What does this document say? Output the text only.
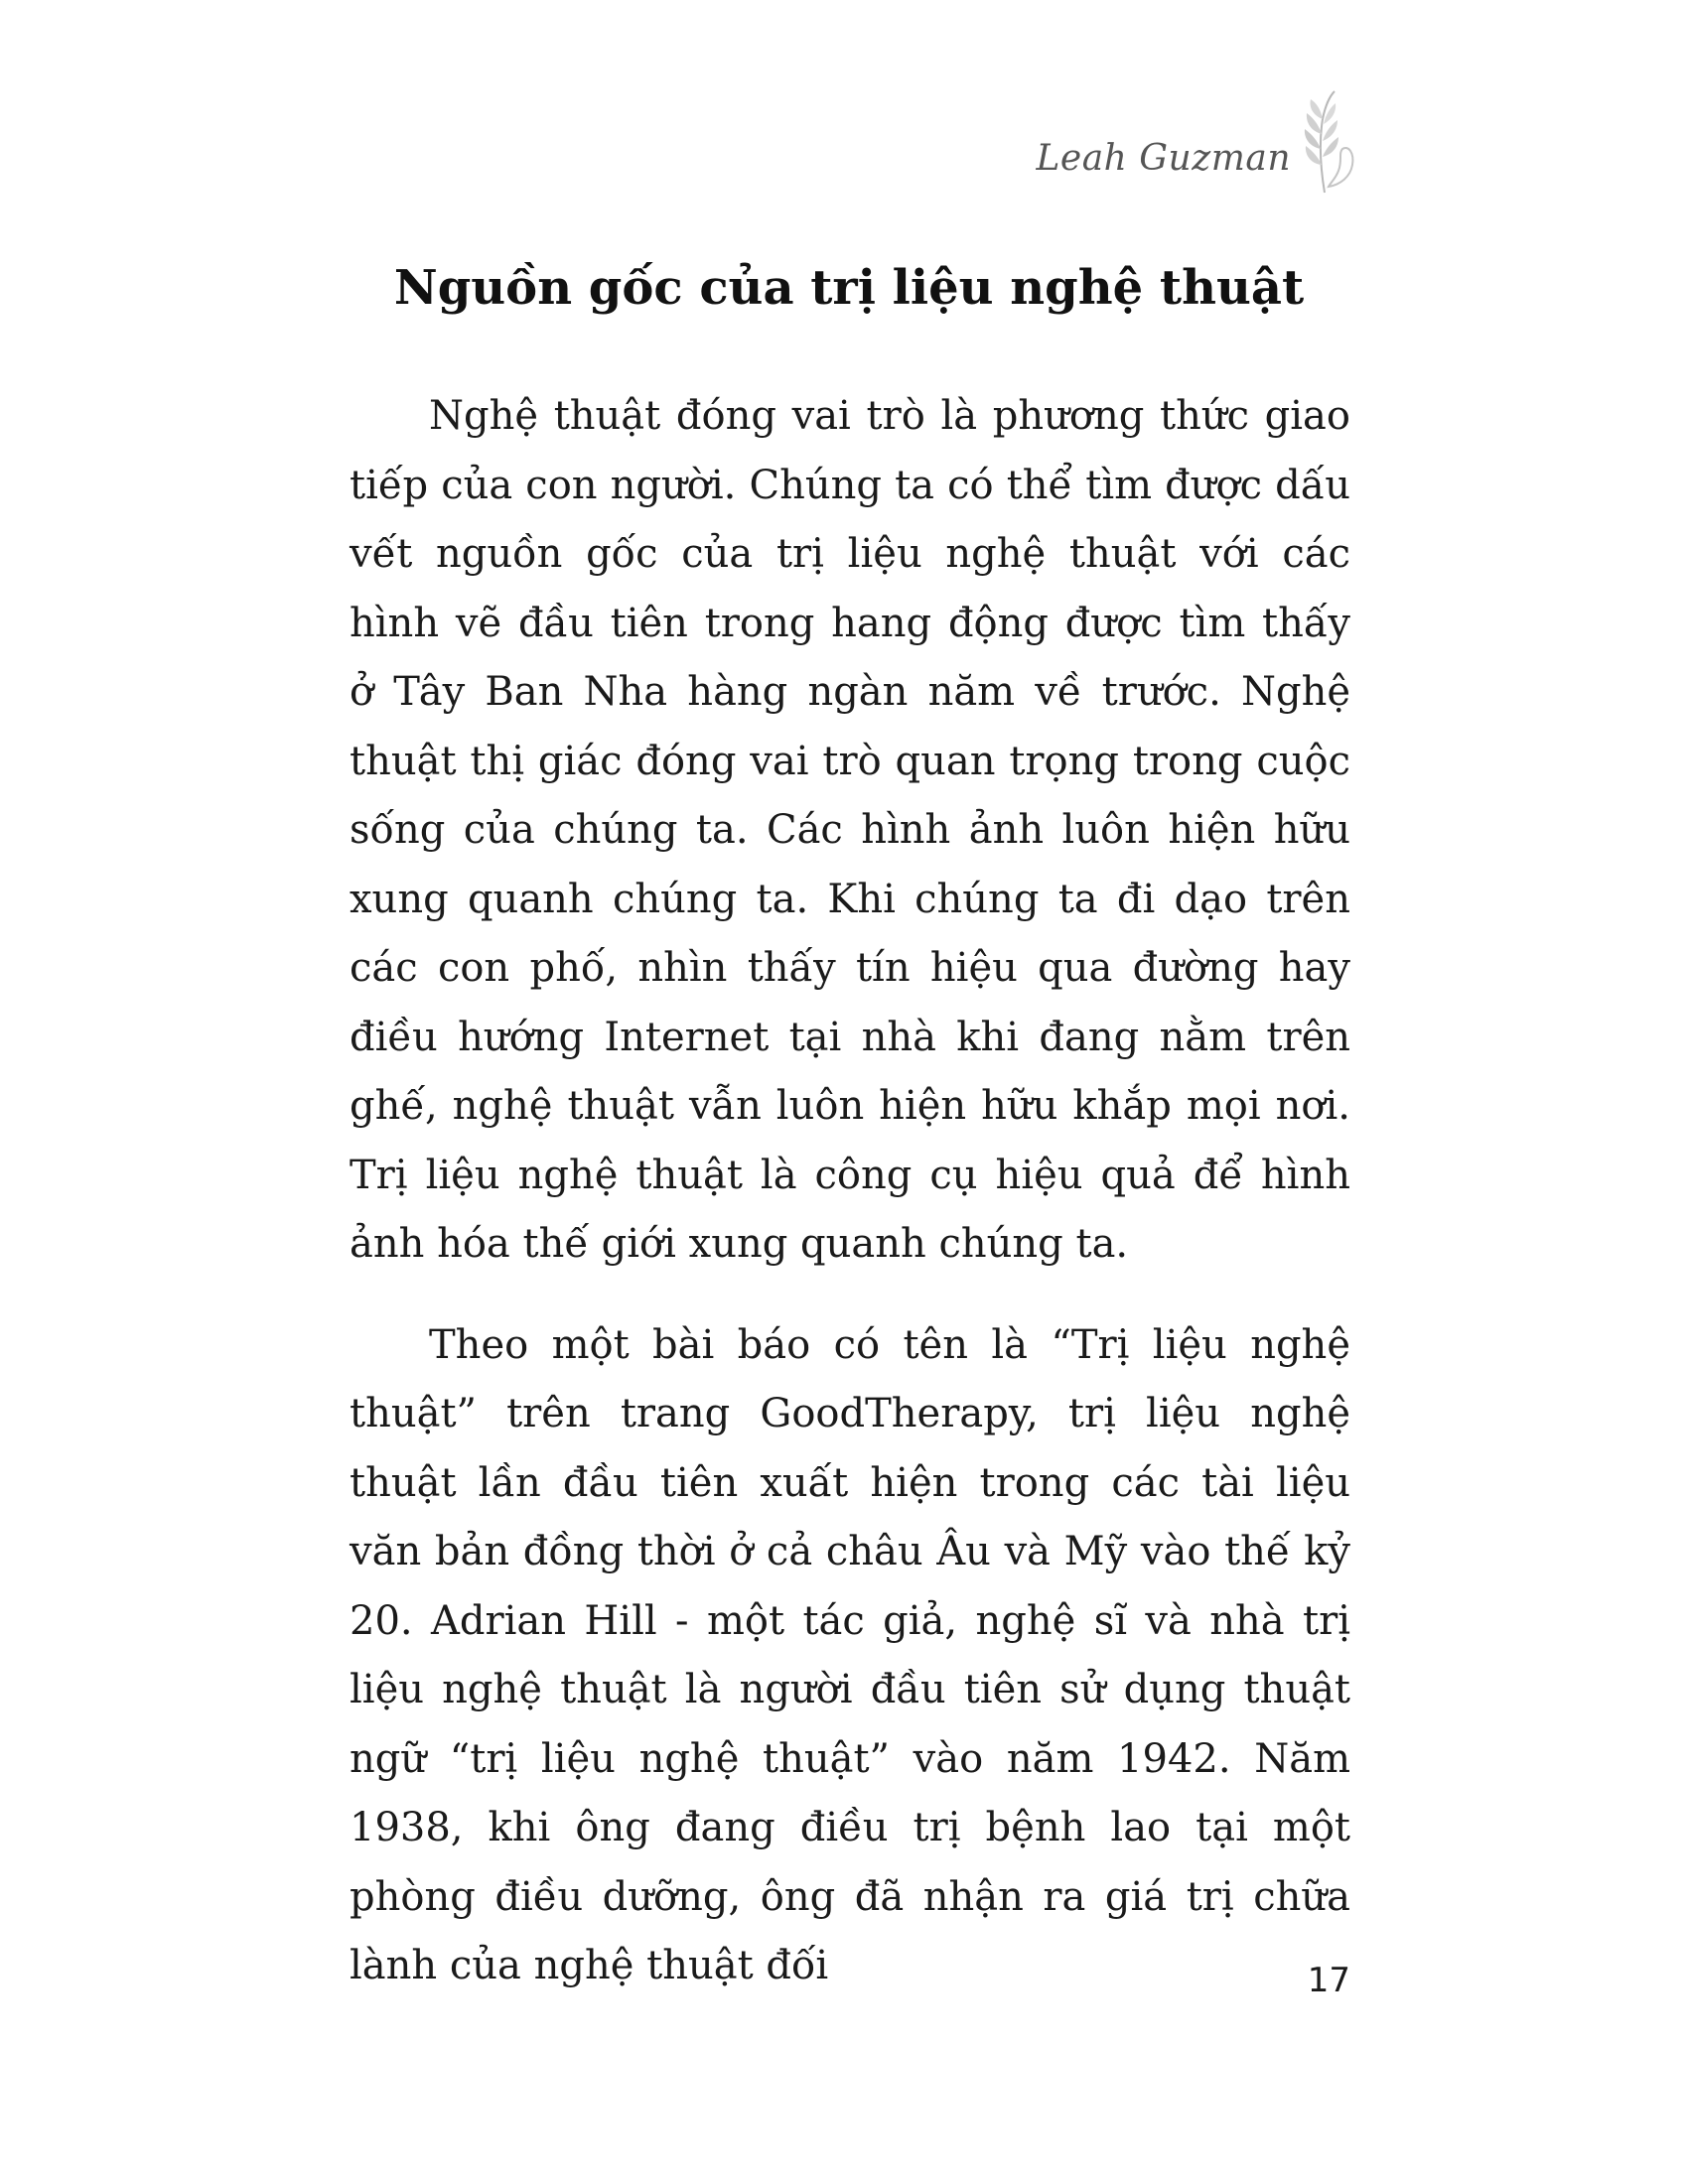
Leah Guzman
Nguồn gốc của trị liệu nghệ thuật

Nghệ thuật đóng vai trò là phương thức giao tiếp của con người. Chúng ta có thể tìm được dấu vết nguồn gốc của trị liệu nghệ thuật với các hình vẽ đầu tiên trong hang động được tìm thấy ở Tây Ban Nha hàng ngàn năm về trước. Nghệ thuật thị giác đóng vai trò quan trọng trong cuộc sống của chúng ta. Các hình ảnh luôn hiện hữu xung quanh chúng ta. Khi chúng ta đi dạo trên các con phố, nhìn thấy tín hiệu qua đường hay điều hướng Internet tại nhà khi đang nằm trên ghế, nghệ thuật vẫn luôn hiện hữu khắp mọi nơi. Trị liệu nghệ thuật là công cụ hiệu quả để hình ảnh hóa thế giới xung quanh chúng ta.

Theo một bài báo có tên là “Trị liệu nghệ thuật” trên trang GoodTherapy, trị liệu nghệ thuật lần đầu tiên xuất hiện trong các tài liệu văn bản đồng thời ở cả châu Âu và Mỹ vào thế kỷ 20. Adrian Hill - một tác giả, nghệ sĩ và nhà trị liệu nghệ thuật là người đầu tiên sử dụng thuật ngữ “trị liệu nghệ thuật” vào năm 1942. Năm 1938, khi ông đang điều trị bệnh lao tại một phòng điều dưỡng, ông đã nhận ra giá trị chữa lành của nghệ thuật đối	17
